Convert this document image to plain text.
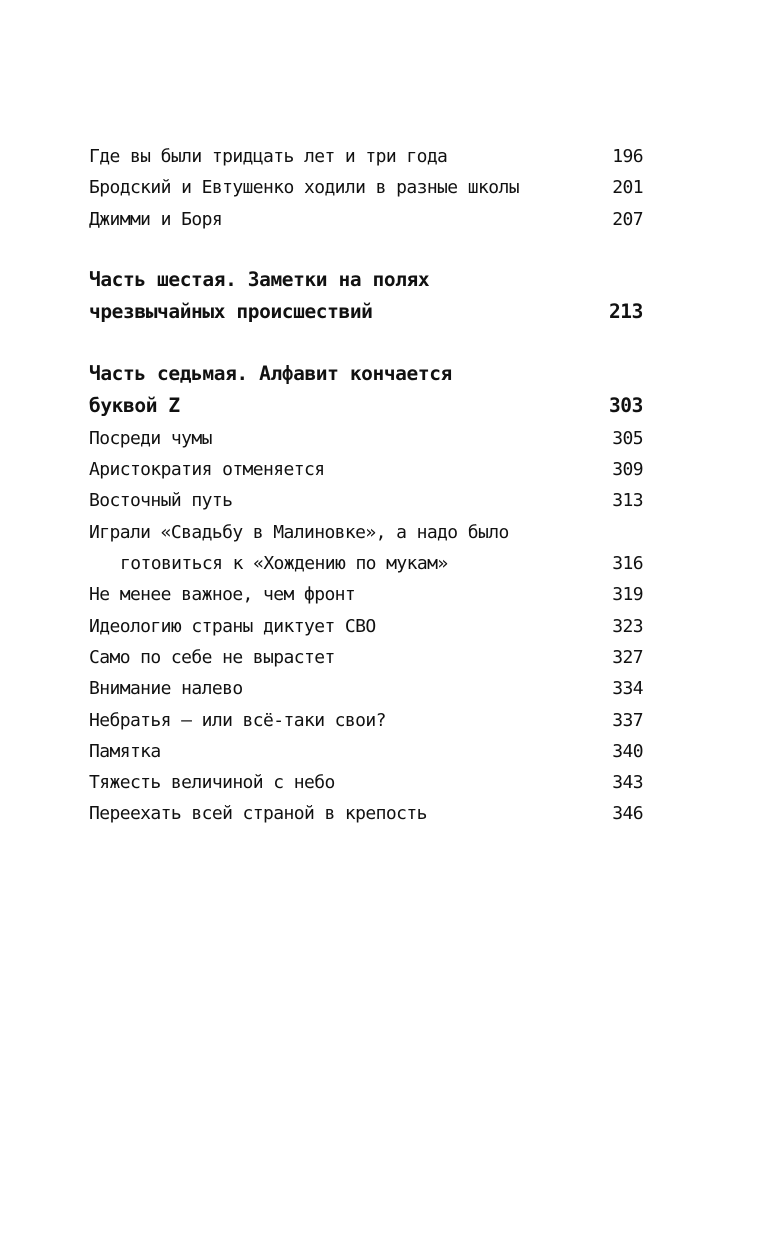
Где вы были тридцать лет и три года	196
Бродский и Евтушенко ходили в разные школы	201
Джимми и Боря	207
Часть шестая. Заметки на полях
чрезвычайных происшествий	213
Часть седьмая. Алфавит кончается
буквой Z	303
Посреди чумы	305
Аристократия отменяется	309
Восточный путь	313
Играли «Свадьбу в Малиновке», а надо было
готовиться к «Хождению по мукам»	316
Не менее важное, чем фронт	319
Идеологию страны диктует СВО	323
Само по себе не вырастет	327
Внимание налево	334
Небратья — или всё-таки свои?	337
Памятка	340
Тяжесть величиной с небо	343
Переехать всей страной в крепость	346
